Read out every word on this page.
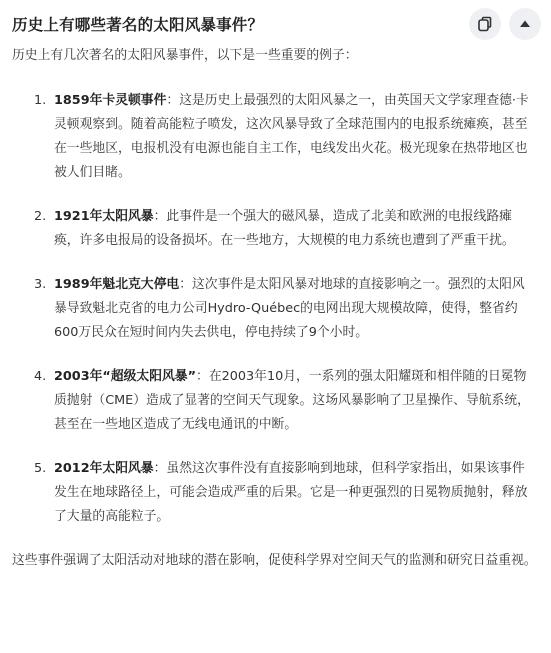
历史上有哪些著名的太阳风暴事件？

历史上有几次著名的太阳风暴事件，以下是一些重要的例子：

1. 1859年卡灵顿事件：这是历史上最强烈的太阳风暴之一，由英国天文学家理查德·卡灵顿观察到。随着高能粒子喷发，这次风暴导致了全球范围内的电报系统瘫痪，甚至在一些地区，电报机没有电源也能自主工作，电线发出火花。极光现象在热带地区也被人们目睹。
2. 1921年太阳风暴：此事件是一个强大的磁风暴，造成了北美和欧洲的电报线路瘫痪，许多电报局的设备损坏。在一些地方，大规模的电力系统也遭到了严重干扰。
3. 1989年魁北克大停电：这次事件是太阳风暴对地球的直接影响之一。强烈的太阳风暴导致魁北克省的电力公司Hydro-Québec的电网出现大规模故障，使得，整省约600万民众在短时间内失去供电，停电持续了9个小时。
4. 2003年“超级太阳风暴”：在2003年10月，一系列的强太阳耀斑和相伴随的日冕物质抛射（CME）造成了显著的空间天气现象。这场风暴影响了卫星操作、导航系统，甚至在一些地区造成了无线电通讯的中断。
5. 2012年太阳风暴：虽然这次事件没有直接影响到地球，但科学家指出，如果该事件发生在地球路径上，可能会造成严重的后果。它是一种更强烈的日冕物质抛射，释放了大量的高能粒子。

这些事件强调了太阳活动对地球的潜在影响，促使科学界对空间天气的监测和研究日益重视。
